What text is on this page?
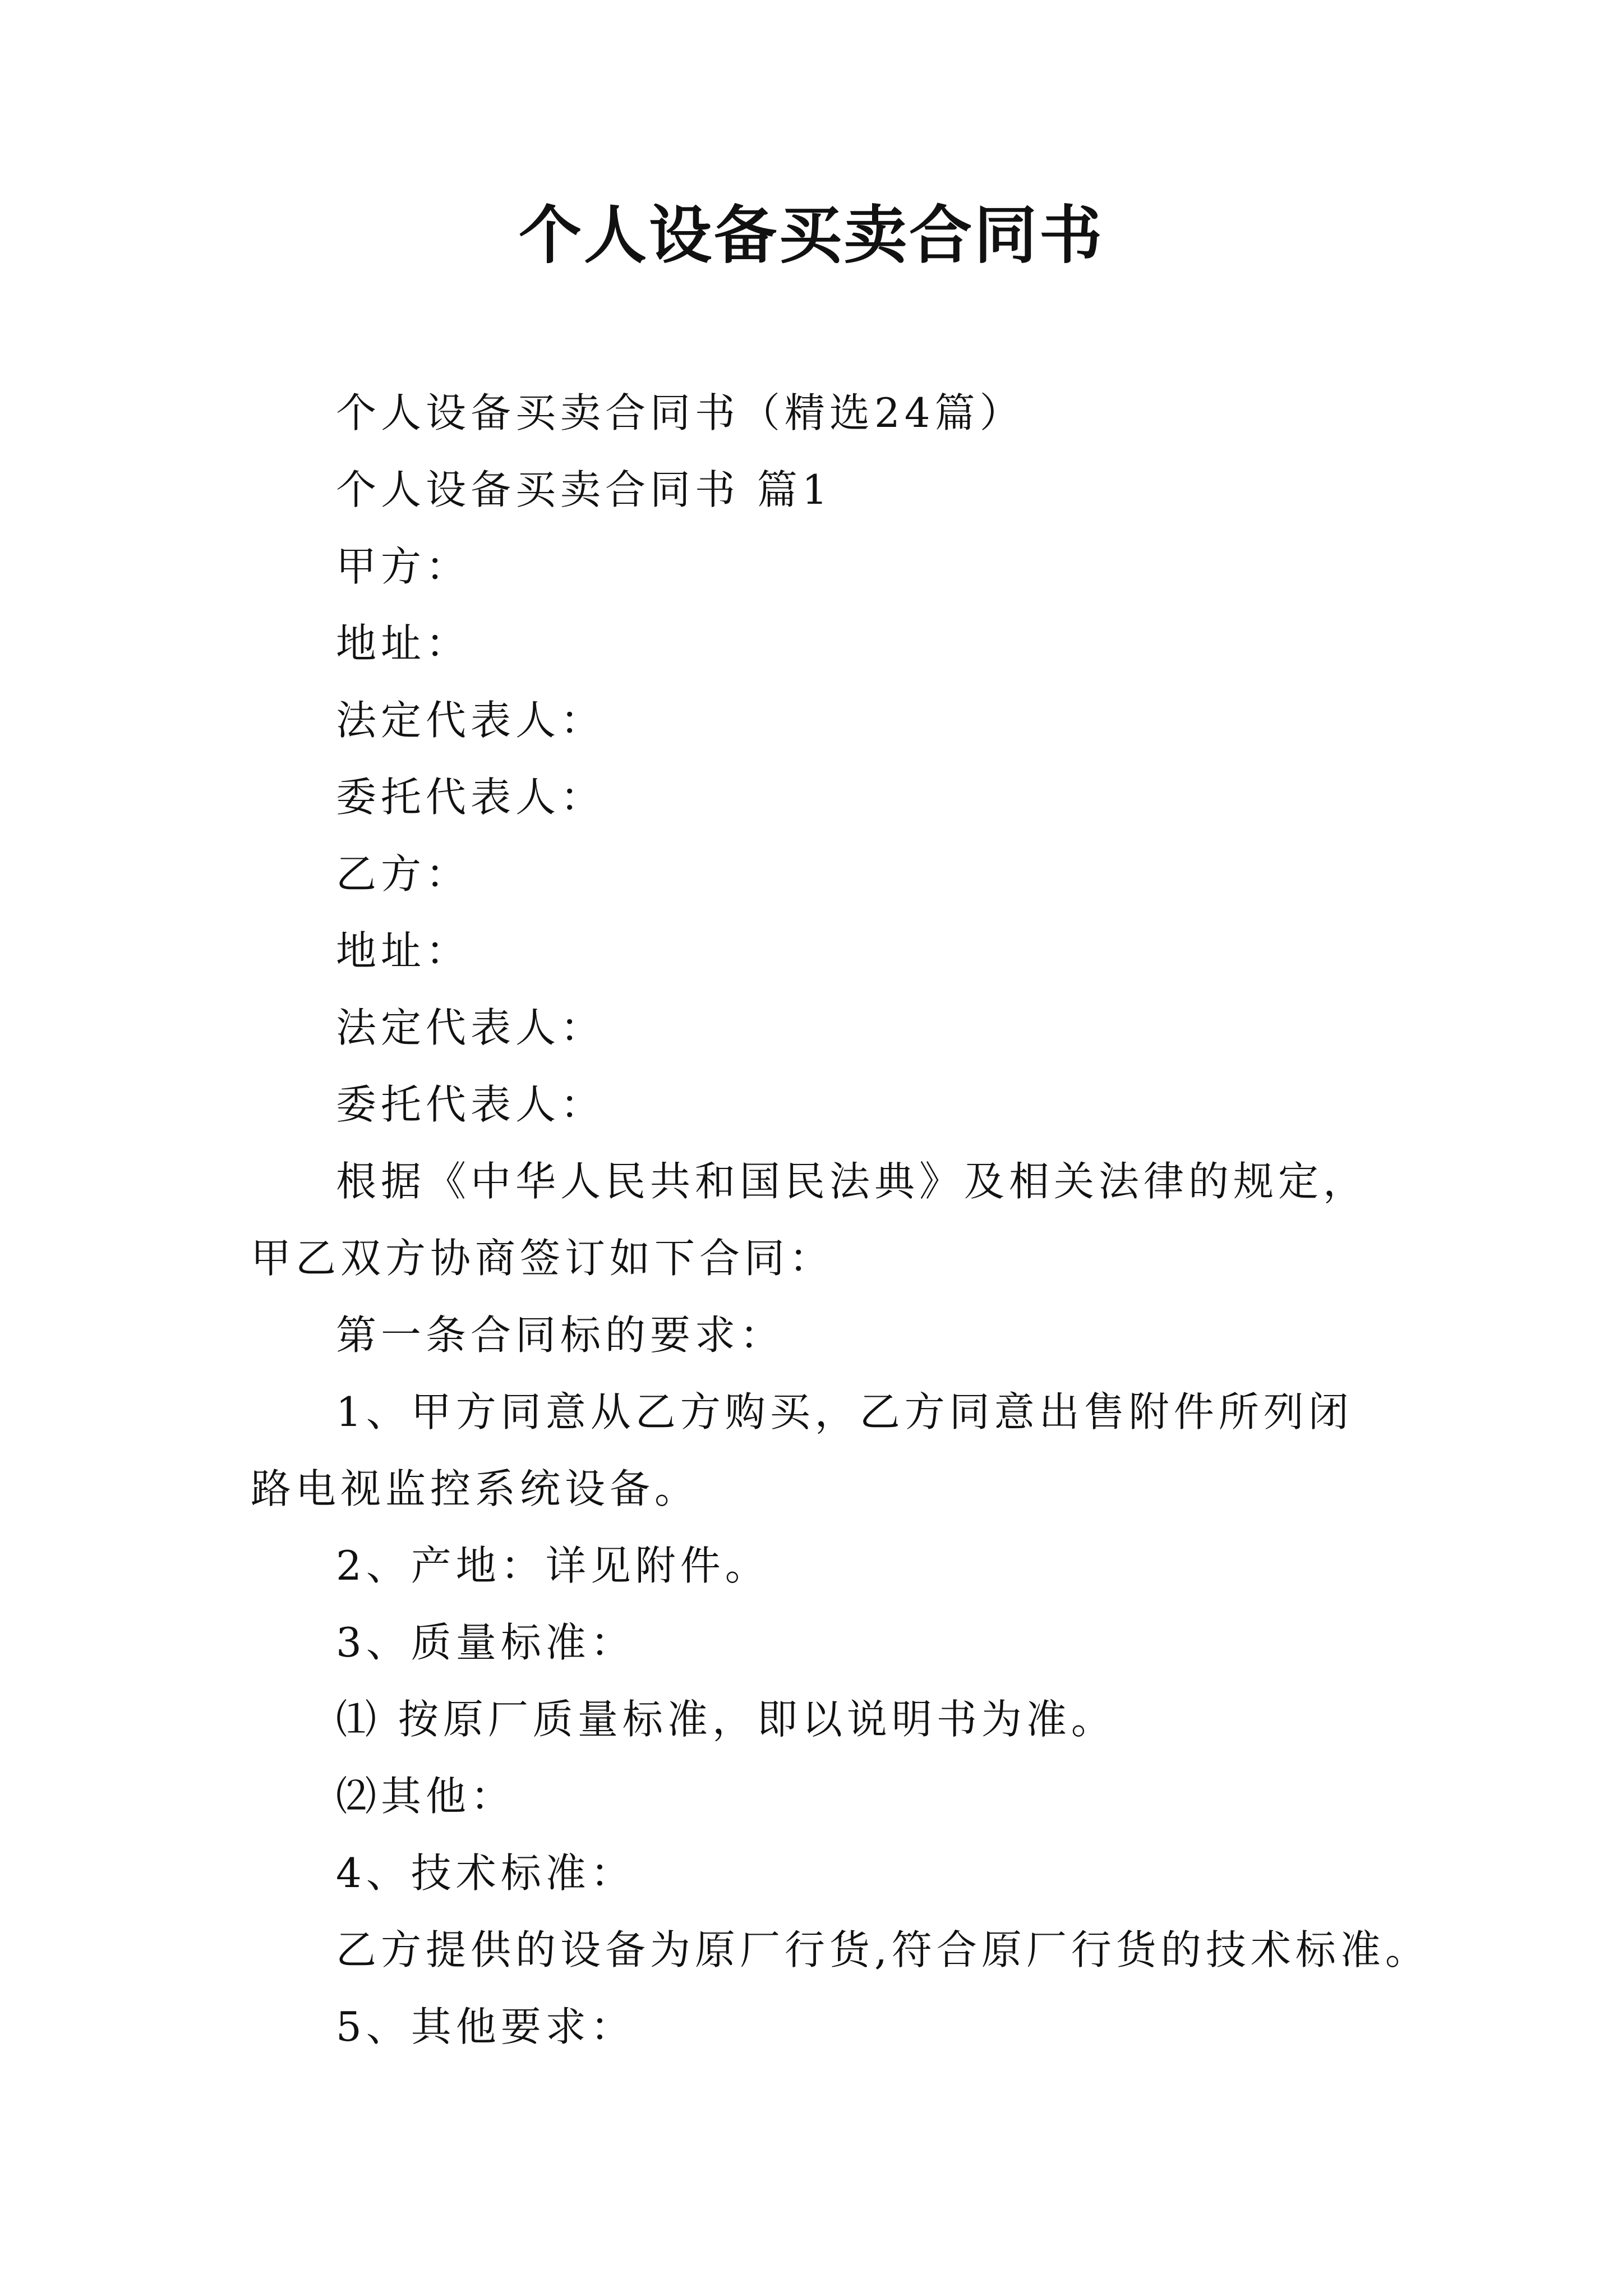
个人设备买卖合同书

个人设备买卖合同书（精选24篇）

个人设备买卖合同书 篇1

甲方：

地址：

法定代表人：

委托代表人：

乙方：

地址：

法定代表人：

委托代表人：

根据《中华人民共和国民法典》及相关法律的规定，甲乙双方协商签订如下合同：

第一条合同标的要求：

1、甲方同意从乙方购买，乙方同意出售附件所列闭路电视监控系统设备。

2、产地：详见附件。

3、质量标准：

⑴ 按原厂质量标准，即以说明书为准。

⑵其他：

4、技术标准：

乙方提供的设备为原厂行货,符合原厂行货的技术标准。

5、其他要求：
